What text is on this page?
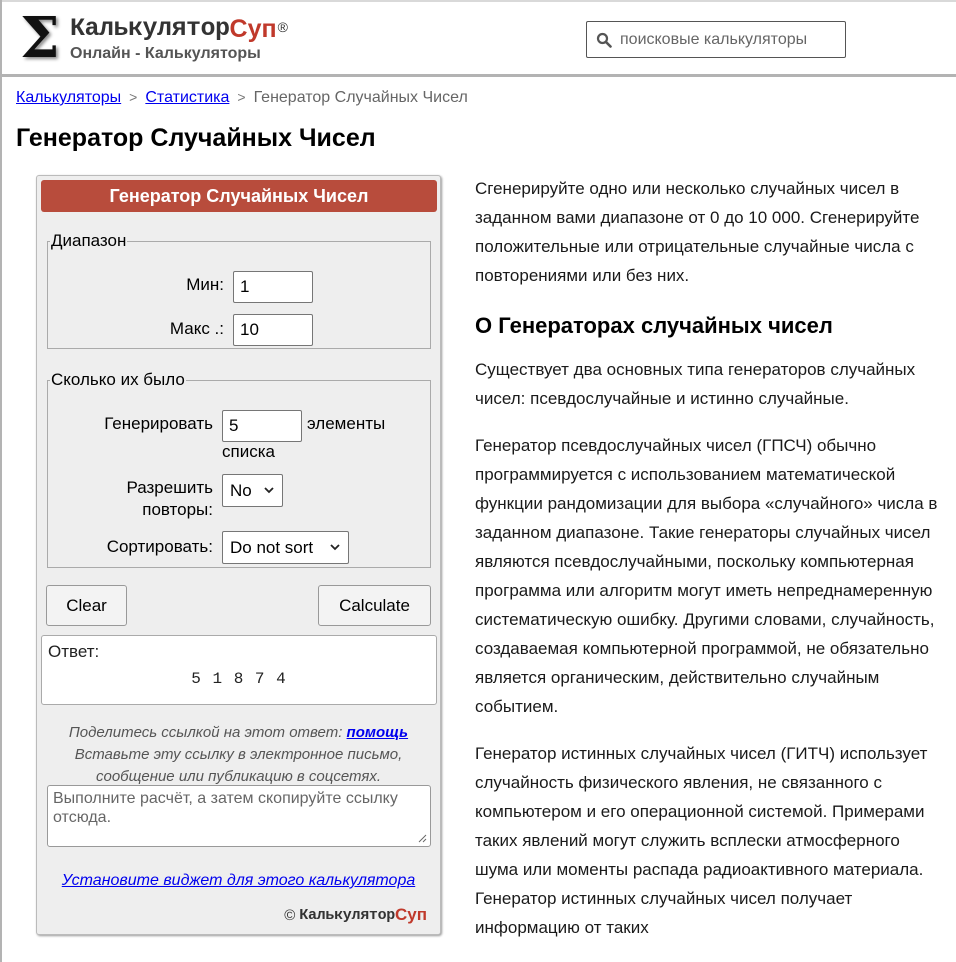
Σ Калькулятор Суп ®
Онлайн - Калькуляторы
поисковые калькуляторы
Калькуляторы > Статистика > Генератор Случайных Чисел
Генератор Случайных Чисел
Генератор Случайных Чисел
Диапазон
Мин:
1
Макс .:
10
Сколько их было
Генерировать
5	элементы
списка
Разрешить
повторы:
No
Сортировать: Do not sort
Clear	Calculate
Ответ:
5 1 8 7 4
Поделитесь ссылкой на этот ответ: помощь
Вставьте эту ссылку в электронное письмо,
сообщение или публикацию в соцсетях.
Выполните расчёт, а затем скопируйте ссылку отсюда.
Установите виджет для этого калькулятора
© Калькулятор Суп

Сгенерируйте одно или несколько случайных чисел в заданном вами диапазоне от 0 до 10 000. Сгенерируйте положительные или отрицательные случайные числа с повторениями или без них.

О Генераторах случайных чисел

Существует два основных типа генераторов случайных чисел: псевдослучайные и истинно случайные.

Генератор псевдослучайных чисел (ГПСЧ) обычно программируется с использованием математической функции рандомизации для выбора «случайного» числа в заданном диапазоне. Такие генераторы случайных чисел являются псевдослучайными, поскольку компьютерная программа или алгоритм могут иметь непреднамеренную систематическую ошибку. Другими словами, случайность, создаваемая компьютерной программой, не обязательно является органическим, действительно случайным событием.

Генератор истинных случайных чисел (ГИТЧ) использует случайность физического явления, не связанного с компьютером и его операционной системой. Примерами таких явлений могут служить всплески атмосферного шума или моменты распада радиоактивного материала. Генератор истинных случайных чисел получает информацию от таких
